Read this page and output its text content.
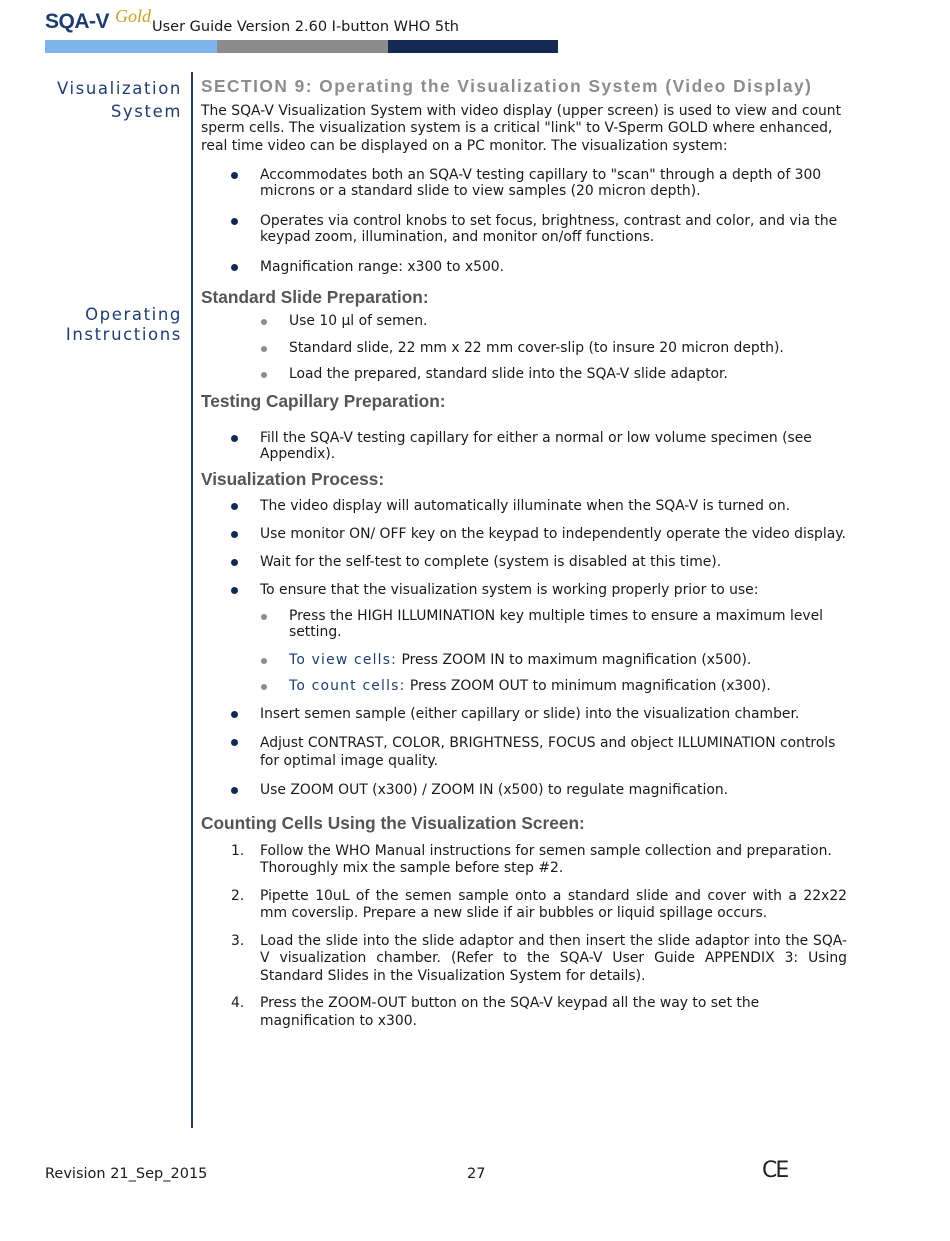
SQA-V Gold
User Guide Version 2.60 I-button WHO 5th
Visualization
System
Operating
Instructions
SECTION 9: Operating the Visualization System (Video Display)

The SQA-V Visualization System with video display (upper screen) is used to view and count sperm cells. The visualization system is a critical "link" to V-Sperm GOLD where enhanced, real time video can be displayed on a PC monitor. The visualization system:

Accommodates both an SQA-V testing capillary to "scan" through a depth of 300 microns or a standard slide to view samples (20 micron depth).
Operates via control knobs to set focus, brightness, contrast and color, and via the keypad zoom, illumination, and monitor on/off functions.
Magnification range: x300 to x500.
Standard Slide Preparation:
Use 10 µl of semen.
Standard slide, 22 mm x 22 mm cover-slip (to insure 20 micron depth).
Load the prepared, standard slide into the SQA-V slide adaptor.
Testing Capillary Preparation:
Fill the SQA-V testing capillary for either a normal or low volume specimen (see Appendix).
Visualization Process:
The video display will automatically illuminate when the SQA-V is turned on.
Use monitor ON/ OFF key on the keypad to independently operate the video display.
Wait for the self-test to complete (system is disabled at this time).
To ensure that the visualization system is working properly prior to use:
Press the HIGH ILLUMINATION key multiple times to ensure a maximum level setting.
To view cells: Press ZOOM IN to maximum magnification (x500).
To count cells: Press ZOOM OUT to minimum magnification (x300).
Insert semen sample (either capillary or slide) into the visualization chamber.
Adjust CONTRAST, COLOR, BRIGHTNESS, FOCUS and object ILLUMINATION controls for optimal image quality.
Use ZOOM OUT (x300) / ZOOM IN (x500) to regulate magnification.
Counting Cells Using the Visualization Screen:
1. Follow the WHO Manual instructions for semen sample collection and preparation. Thoroughly mix the sample before step #2.
2. Pipette 10uL of the semen sample onto a standard slide and cover with a 22x22 mm coverslip. Prepare a new slide if air bubbles or liquid spillage occurs.
3. Load the slide into the slide adaptor and then insert the slide adaptor into the SQA-V visualization chamber. (Refer to the SQA-V User Guide APPENDIX 3: Using Standard Slides in the Visualization System for details).
4. Press the ZOOM-OUT button on the SQA-V keypad all the way to set the magnification to x300.
Revision 21_Sep_2015	27	CE
